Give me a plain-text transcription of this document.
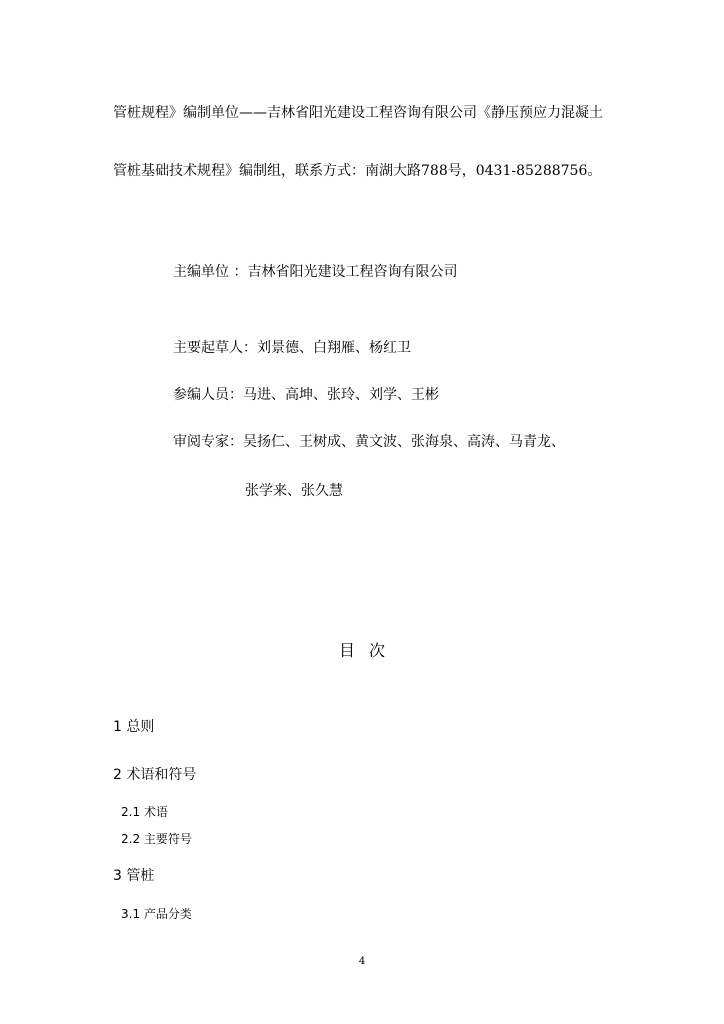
管桩规程》编制单位——吉林省阳光建设工程咨询有限公司《静压预应力混凝土
管桩基础技术规程》编制组，联系方式：南湖大路788号，0431-85288756。
主编单位 ：吉林省阳光建设工程咨询有限公司
主要起草人：刘景德、白翔雁、杨红卫
参编人员：马进、高坤、张玲、刘学、王彬
审阅专家：吴扬仁、王树成、黄文波、张海泉、高涛、马青龙、
张学来、张久慧
目次
1 总则
2 术语和符号
2.1 术语
2.2 主要符号
3 管桩
3.1 产品分类
4
